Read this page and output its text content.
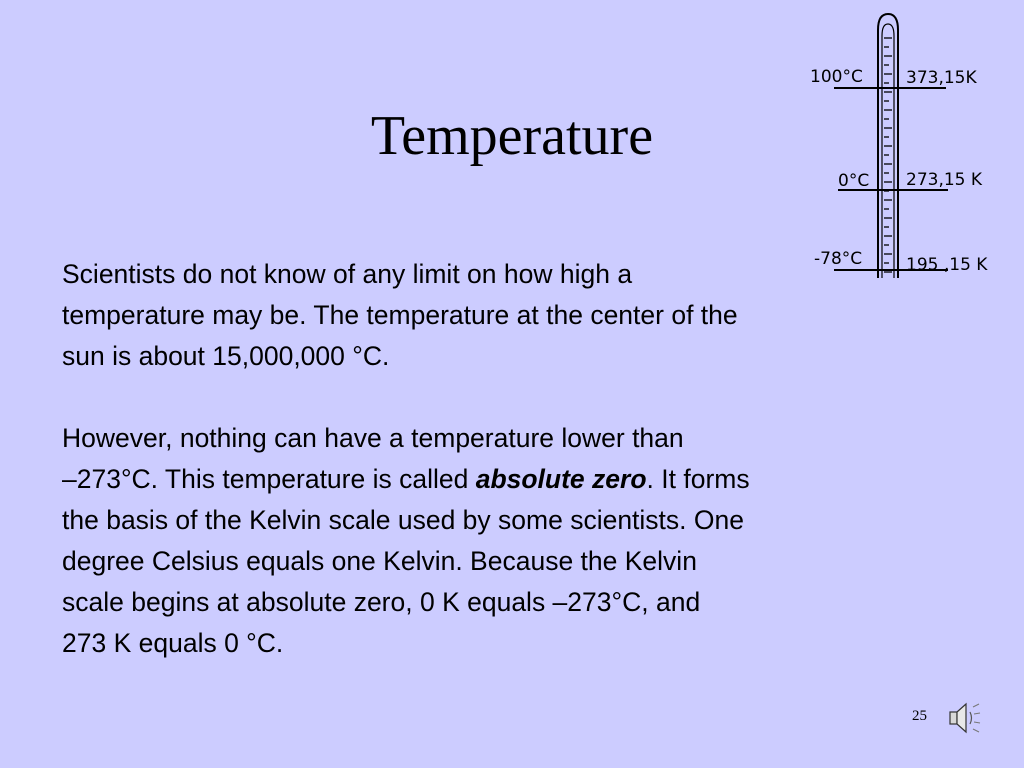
Temperature
100°C	373,15K
0°C 273,15 K
-78°C	195 ,15 K

Scientists do not know of any limit on how high a
temperature may be. The temperature at the center of the
sun is about 15,000,000 °C.

However, nothing can have a temperature lower than
–273°C. This temperature is called absolute zero. It forms
the basis of the Kelvin scale used by some scientists. One
degree Celsius equals one Kelvin. Because the Kelvin
scale begins at absolute zero, 0 K equals –273°C, and
273 K equals 0 °C.

25
